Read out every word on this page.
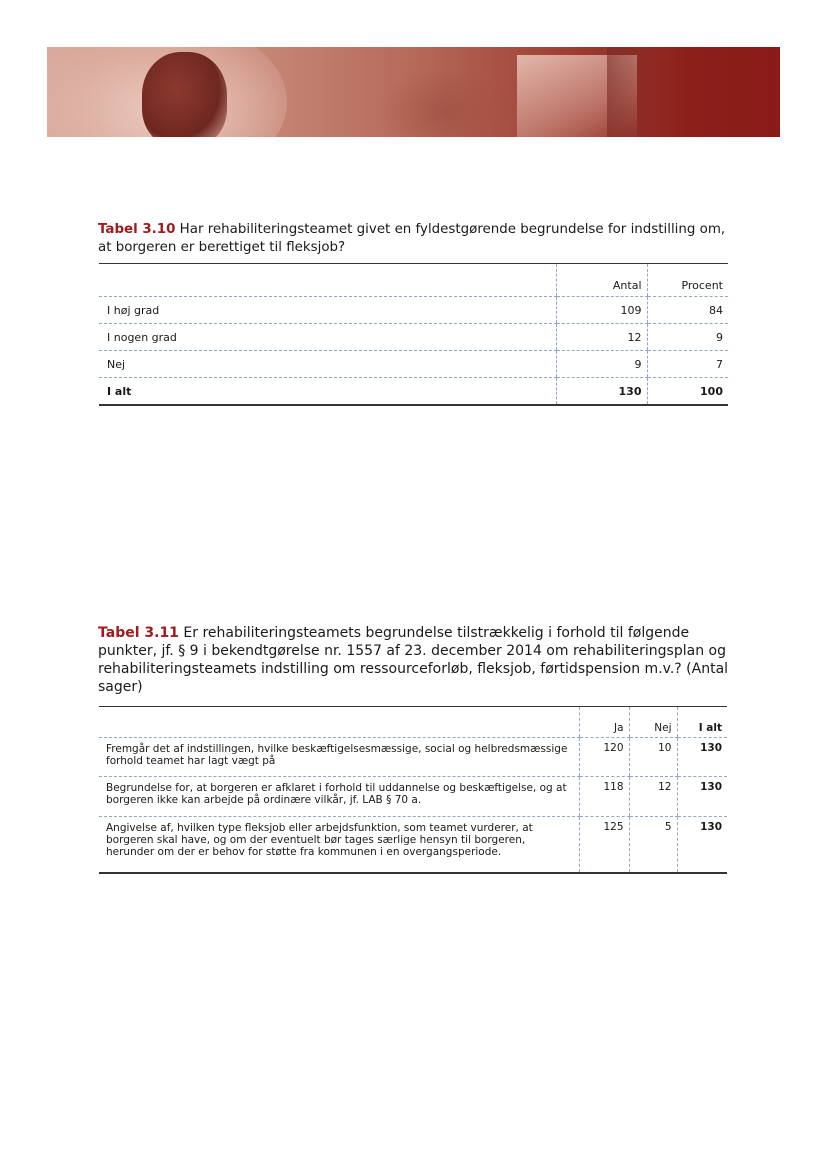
Tabel 3.10 Har rehabiliteringsteamet givet en fyldestgørende begrundelse for indstilling om, at borgeren er berettiget til fleksjob?

	Antal	Procent
I høj grad	109	84
I nogen grad	12	9
Nej	9	7
I alt	130	100

Tabel 3.11 Er rehabiliteringsteamets begrundelse tilstrækkelig i forhold til følgende punkter, jf. § 9 i bekendtgørelse nr. 1557 af 23. december 2014 om rehabiliteringsplan og rehabiliteringsteamets indstilling om ressourceforløb, fleksjob, førtidspension m.v.? (Antal sager)

	Ja	Nej	I alt
Fremgår det af indstillingen, hvilke beskæftigelsesmæssige, social og helbredsmæssige forhold teamet har lagt vægt på	120	10	130
Begrundelse for, at borgeren er afklaret i forhold til uddannelse og beskæftigelse, og at borgeren ikke kan arbejde på ordinære vilkår, jf. LAB § 70 a.	118	12	130
Angivelse af, hvilken type fleksjob eller arbejdsfunktion, som teamet vurderer, at borgeren skal have, og om der eventuelt bør tages særlige hensyn til borgeren, herunder om der er behov for støtte fra kommunen i en overgangsperiode.	125	5	130
